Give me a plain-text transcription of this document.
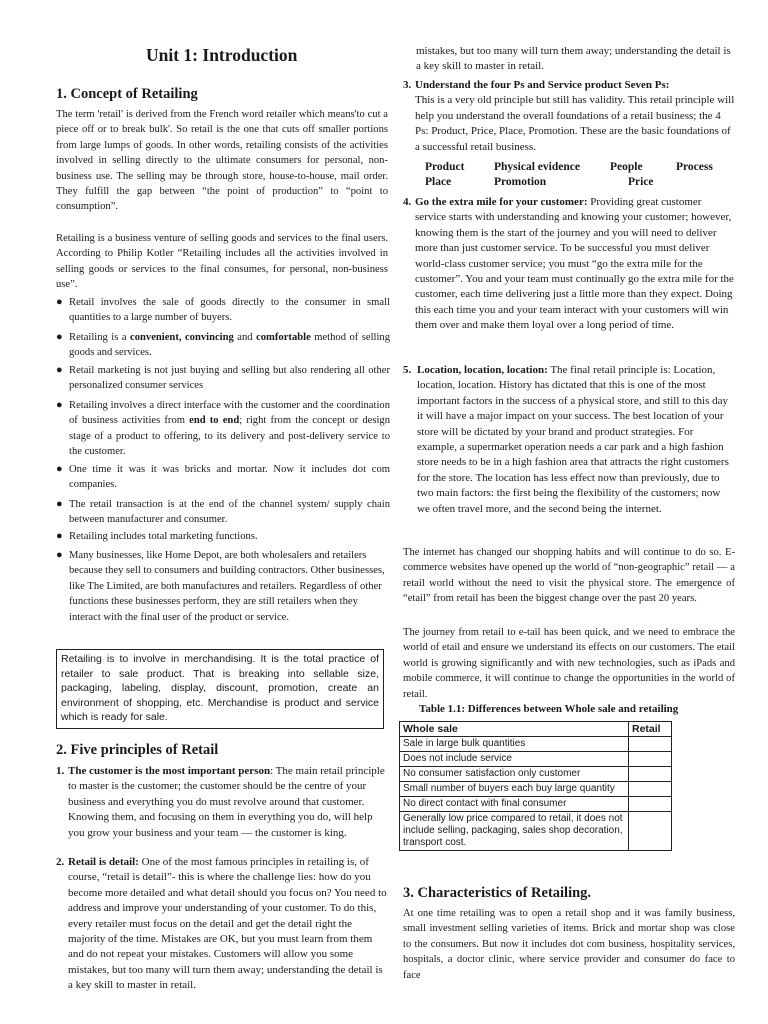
Unit 1: Introduction
1. Concept of Retailing

The term 'retail' is derived from the French word retailer which means'to cut a piece off or to break bulk'. So retail is the one that cuts off smaller portions from large lumps of goods. In other words, retailing consists of the activities involved in selling directly to the ultimate consumers for personal, non-business use. The selling may be through store, house-to-house, mail order. They fulfill the gap between “the point of production” to “point to consumption”.

Retailing is a business venture of selling goods and services to the final users. According to Philip Kotler “Retailing includes all the activities involved in selling goods or services to the final consumes, for personal, non-business use”.

● Retail involves the sale of goods directly to the consumer in small quantities to a large number of buyers.

● Retailing is a convenient, convincing and comfortable method of selling goods and services.

● Retail marketing is not just buying and selling but also rendering all other personalized consumer services

● Retailing involves a direct interface with the customer and the coordination of business activities from end to end; right from the concept or design stage of a product to offering, to its delivery and post-delivery service to the customer.

● One time it was it was bricks and mortar. Now it includes dot com companies.

● The retail transaction is at the end of the channel system/ supply chain between manufacturer and consumer.

● Retailing includes total marketing functions.

● Many businesses, like Home Depot, are both wholesalers and retailers because they sell to consumers and building contractors. Other businesses, like The Limited, are both manufactures and retailers. Regardless of other functions these businesses perform, they are still retailers when they interact with the final user of the product or service.

Retailing is to involve in merchandising. It is the total practice of retailer to sale product. That is breaking into sellable size, packaging, labeling, display, discount, promotion, create an environment of shopping, etc. Merchandise is product and service which is ready for sale.

2. Five principles of Retail
1. The customer is the most important person: The main retail principle to master is the customer; the customer should be the centre of your business and everything you do must revolve around that customer. Knowing them, and focusing on them in everything you do, will help you grow your business and your team — the customer is king.

2. Retail is detail: One of the most famous principles in retailing is, of course, “retail is detail”- this is where the challenge lies: how do you become more detailed and what detail should you focus on? You need to address and improve your understanding of your customer. To do this, every retailer must focus on the detail and get the detail right the majority of the time. Mistakes are OK, but you must learn from them and do not repeat your mistakes. Customers will allow you some mistakes, but too many will turn them away; understanding the detail is a key skill to master in retail.

mistakes, but too many will turn them away; understanding the detail is a key skill to master in retail.

3. Understand the four Ps and Service product Seven Ps:
This is a very old principle but still has validity. This retail principle will help you understand the overall foundations of a retail business; the 4 Ps: Product, Price, Place, Promotion. These are the basic foundations of a successful retail business.

Product	Physical evidence	People	Process
Place	Promotion	Price
4. Go the extra mile for your customer: Providing great customer service starts with understanding and knowing your customer; however, knowing them is the start of the journey and you will need to deliver more than just customer service. To be successful you must deliver world-class customer service; you must “go the extra mile for the customer”. You and your team must continually go the extra mile for the customer, each time delivering just a little more than they expect. Doing this each time you and your team interact with your customers will win them over and make them loyal over a long period of time.

5. Location, location, location: The final retail principle is: Location, location, location. History has dictated that this is one of the most important factors in the success of a physical store, and still to this day it will have a major impact on your success. The best location of your store will be dictated by your brand and product strategies. For example, a supermarket operation needs a car park and a high fashion store needs to be in a high fashion area that attracts the right customers for the store. The location has less effect now than previously, due to two main factors: the first being the flexibility of the customers; now we often travel more, and the second being the internet.

The internet has changed our shopping habits and will continue to do so. E-commerce websites have opened up the world of “non-geographic” retail — a retail world without the need to visit the physical store. The emergence of “etail” from retail has been the biggest change over the past 20 years.

The journey from retail to e-tail has been quick, and we need to embrace the world of etail and ensure we understand its effects on our customers. The etail world is growing significantly and with new technologies, such as iPads and mobile commerce, it will continue to change the opportunities in the world of retail.

Table 1.1: Differences between Whole sale and retailing

Whole sale	Retail
Sale in large bulk quantities	
Does not include service	
No consumer satisfaction only customer	
Small number of buyers each buy large quantity	
No direct contact with final consumer	
Generally low price compared to retail, it does not include selling, packaging, sales shop decoration, transport cost.	
3. Characteristics of Retailing.

At one time retailing was to open a retail shop and it was family business, small investment selling varieties of items. Brick and mortar shop was close to the consumers. But now it includes dot com business, hospitality services, hospitals, a doctor clinic, where service provider and consumer do face to face
